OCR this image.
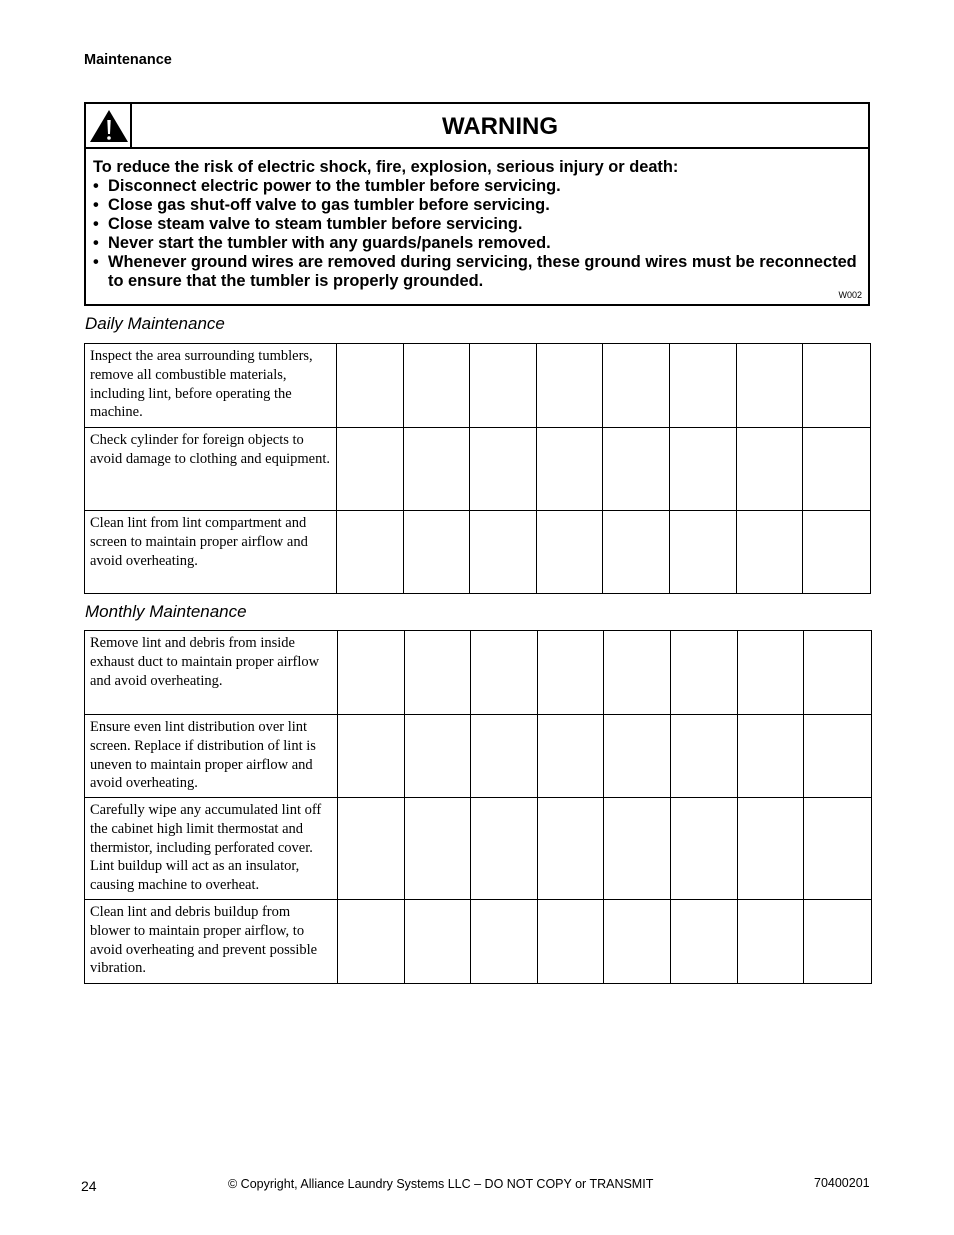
Maintenance
WARNING
To reduce the risk of electric shock, fire, explosion, serious injury or death:
• Disconnect electric power to the tumbler before servicing.
• Close gas shut-off valve to gas tumbler before servicing.
• Close steam valve to steam tumbler before servicing.
• Never start the tumbler with any guards/panels removed.
• Whenever ground wires are removed during servicing, these ground wires must be reconnected to ensure that the tumbler is properly grounded.
W002
Daily Maintenance
Inspect the area surrounding tumblers, remove all combustible materials, including lint, before operating the machine.								
Check cylinder for foreign objects to avoid damage to clothing and equipment.								
Clean lint from lint compartment and screen to maintain proper airflow and avoid overheating.								
Monthly Maintenance
Remove lint and debris from inside exhaust duct to maintain proper airflow and avoid overheating.								
Ensure even lint distribution over lint screen. Replace if distribution of lint is uneven to maintain proper airflow and avoid overheating.								
Carefully wipe any accumulated lint off the cabinet high limit thermostat and thermistor, including perforated cover. Lint buildup will act as an insulator, causing machine to overheat.								
Clean lint and debris buildup from blower to maintain proper airflow, to avoid overheating and prevent possible vibration.								
24	© Copyright, Alliance Laundry Systems LLC – DO NOT COPY or TRANSMIT	70400201
